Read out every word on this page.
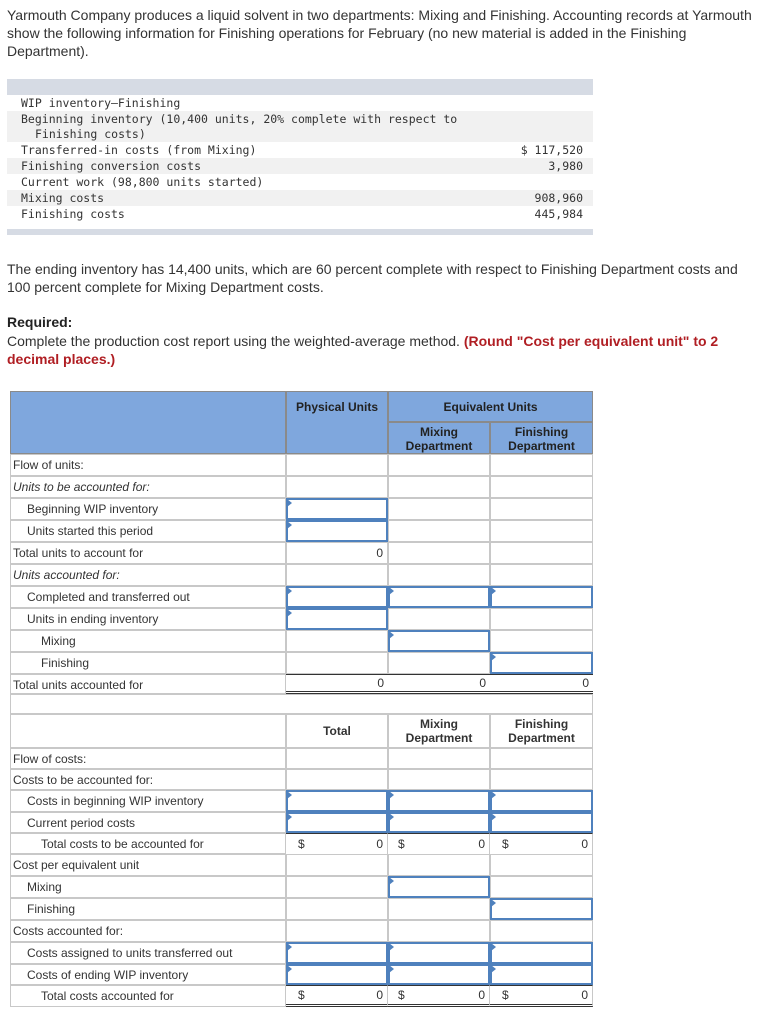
Yarmouth Company produces a liquid solvent in two departments: Mixing and Finishing. Accounting records at Yarmouth show the following information for Finishing operations for February (no new material is added in the Finishing Department).
WIP inventory—Finishing
Beginning inventory (10,400 units, 20% complete with respect to
Finishing costs)
Transferred-in costs (from Mixing)	$ 117,520
Finishing conversion costs	3,980
Current work (98,800 units started)
Mixing costs	908,960
Finishing costs	445,984
The ending inventory has 14,400 units, which are 60 percent complete with respect to Finishing Department costs and 100 percent complete for Mixing Department costs.
Required:
Complete the production cost report using the weighted-average method. (Round "Cost per equivalent unit" to 2 decimal places.)
Physical Units	Equivalent Units
Mixing Department
Finishing Department
Flow of units:
Units to be accounted for:
Beginning WIP inventory
Units started this period
Total units to account for	0
Units accounted for:
Completed and transferred out
Units in ending inventory
Mixing
Finishing
Total units accounted for	0	0	0
Total	Mixing Department
Finishing Department
Flow of costs:
Costs to be accounted for:
Costs in beginning WIP inventory
Current period costs
Total costs to be accounted for	$	0 $	0 $	0
Cost per equivalent unit
Mixing
Finishing
Costs accounted for:
Costs assigned to units transferred out
Costs of ending WIP inventory
Total costs accounted for	$	0 $	0 $	0
